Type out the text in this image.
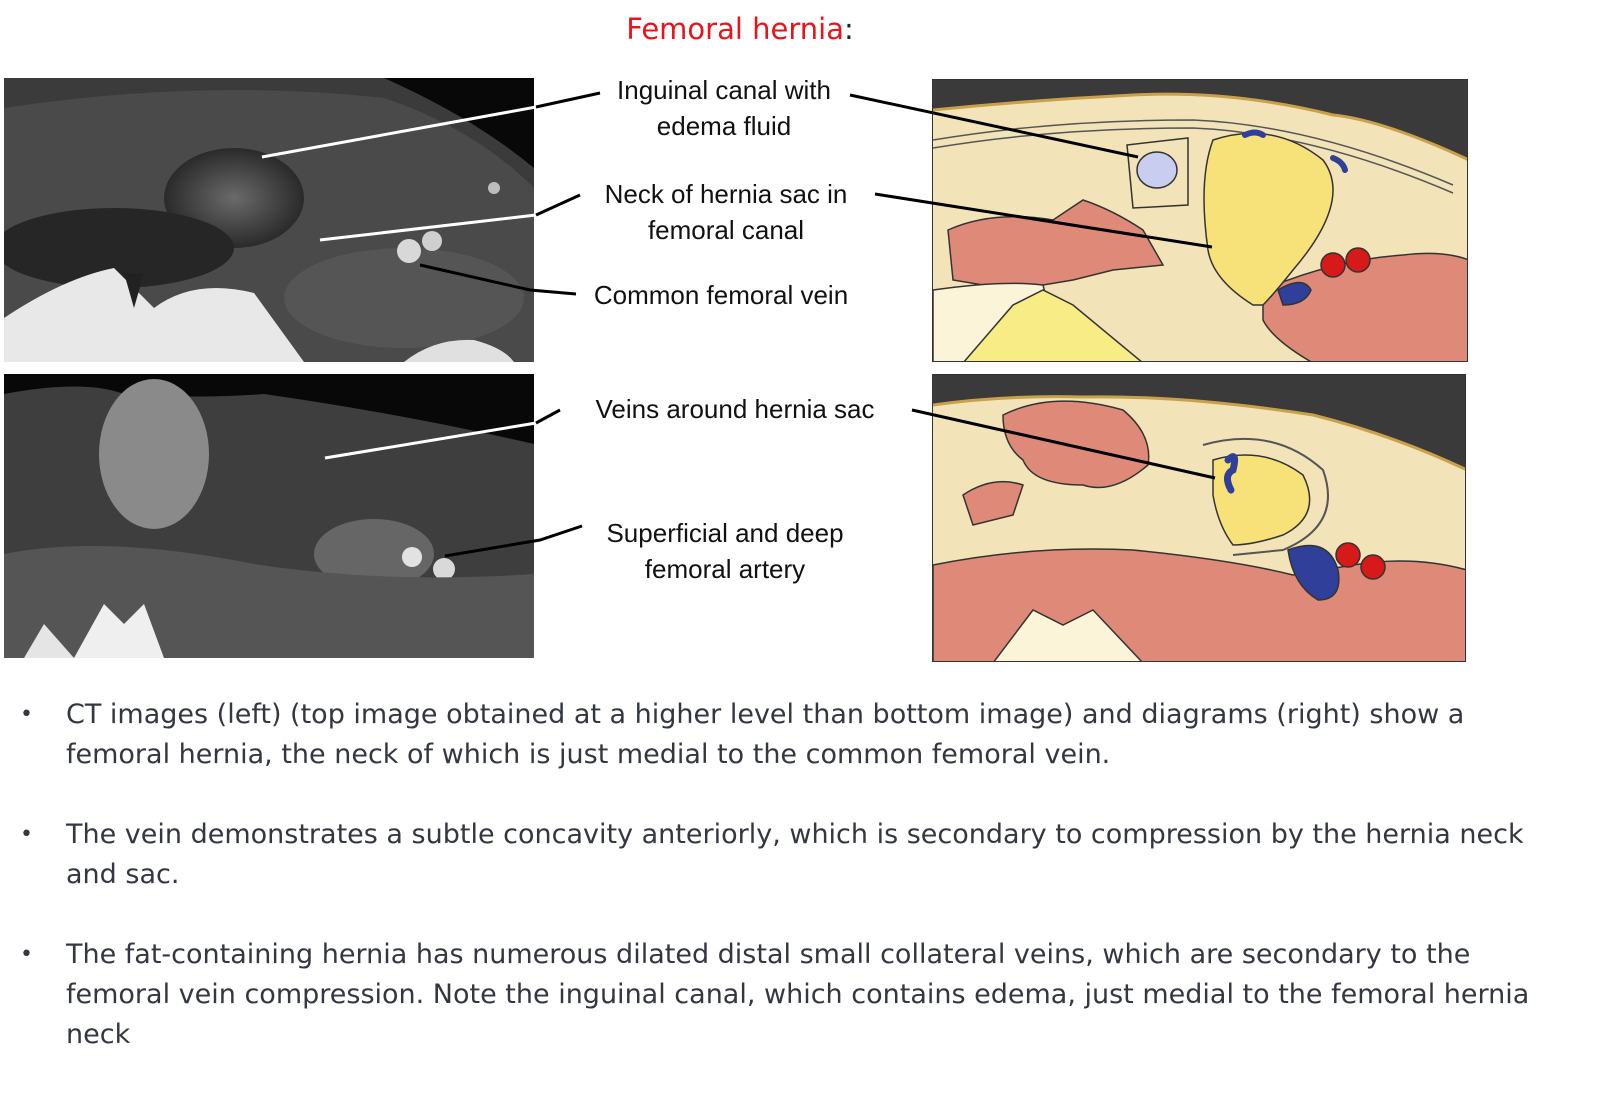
Femoral hernia:
Inguinal canal with
edema fluid
Neck of hernia sac in
femoral canal
Common femoral vein
Veins around hernia sac
Superficial and deep
femoral artery
• CT images (left) (top image obtained at a higher level than bottom image) and diagrams (right) show a femoral hernia, the neck of which is just medial to the common femoral vein.
• The vein demonstrates a subtle concavity anteriorly, which is secondary to compression by the hernia neck and sac.
• The fat-containing hernia has numerous dilated distal small collateral veins, which are secondary to the femoral vein compression. Note the inguinal canal, which contains edema, just medial to the femoral hernia neck
